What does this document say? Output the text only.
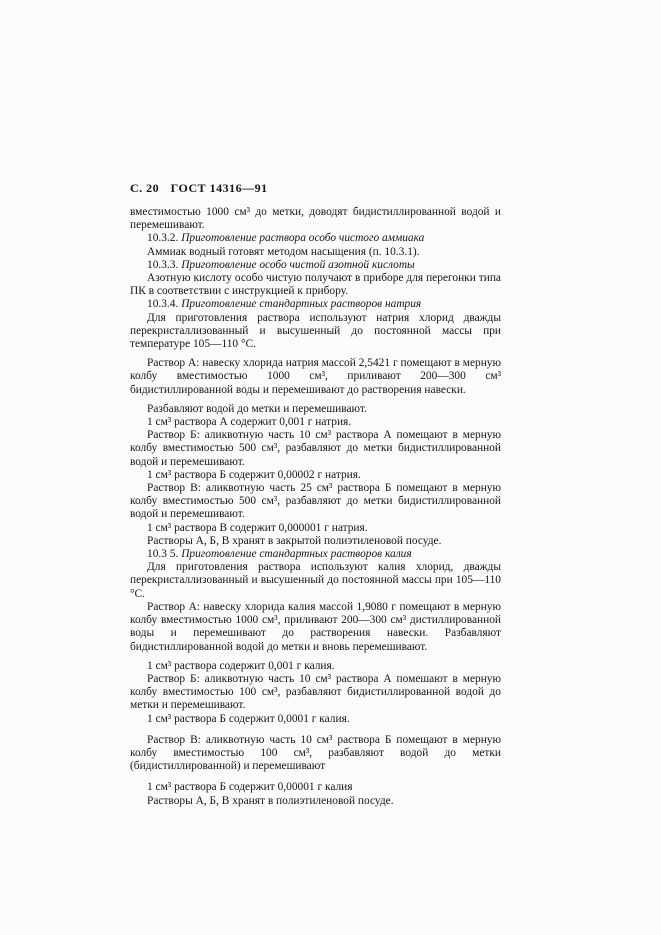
С. 20 ГОСТ 14316—91

вместимостью 1000 см³ до метки, доводят бидистиллированной водой и перемешивают.

10.3.2. Приготовление раствора особо чистого аммиака

Аммиак водный готовят методом насыщения (п. 10.3.1).

10.3.3. Приготовление особо чистой азотной кислоты

Азотную кислоту особо чистую получают в приборе для перегонки типа ПК в соответствии с инструкцией к прибору.

10.3.4. Приготовление стандартных растворов натрия

Для приготовления раствора используют натрия хлорид дважды перекристаллизованный и высушенный до постоянной массы при температуре 105—110 °С.

Раствор А: навеску хлорида натрия массой 2,5421 г помещают в мерную колбу вместимостью 1000 см³, приливают 200—300 см³ бидистиллированной воды и перемешивают до растворения навески.

Разбавляют водой до метки и перемешивают.

1 см³ раствора А содержит 0,001 г натрия.

Раствор Б: аликвотную часть 10 см³ раствора А помещают в мерную колбу вместимостью 500 см³, разбавляют до метки бидистиллированной водой и перемешивают.

1 см³ раствора Б содержит 0,00002 г натрия.

Раствор В: аликвотную часть 25 см³ раствора Б помещают в мерную колбу вместимостью 500 см³, разбавляют до метки бидистиллированной водой и перемешивают.

1 см³ раствора В содержит 0,000001 г натрия.

Растворы А, Б, В хранят в закрытой полиэтиленовой посуде.

10.3 5. Приготовление стандартных растворов калия

Для приготовления раствора используют калия хлорид, дважды перекристаллизованный и высушенный до постоянной массы при 105—110 °С.

Раствор А: навеску хлорида калия массой 1,9080 г помещают в мерную колбу вместимостью 1000 см³, приливают 200—300 см³ дистиллированной воды и перемешивают до растворения навески. Разбавляют бидистиллированной водой до метки и вновь перемешивают.

1 см³ раствора содержит 0,001 г калия.

Раствор Б: аликвотную часть 10 см³ раствора А помешают в мерную колбу вместимостью 100 см³, разбавляют бидистиллированной водой до метки и перемешивают.

1 см³ раствора Б содержит 0,0001 г калия.

Раствор В: аликвотную часть 10 см³ раствора Б помещают в мерную колбу вместимостью 100 см³, разбавляют водой до метки (бидистиллированной) и перемешивают

1 см³ раствора Б содержит 0,00001 г калия

Растворы А, Б, В хранят в полиэтиленовой посуде.
